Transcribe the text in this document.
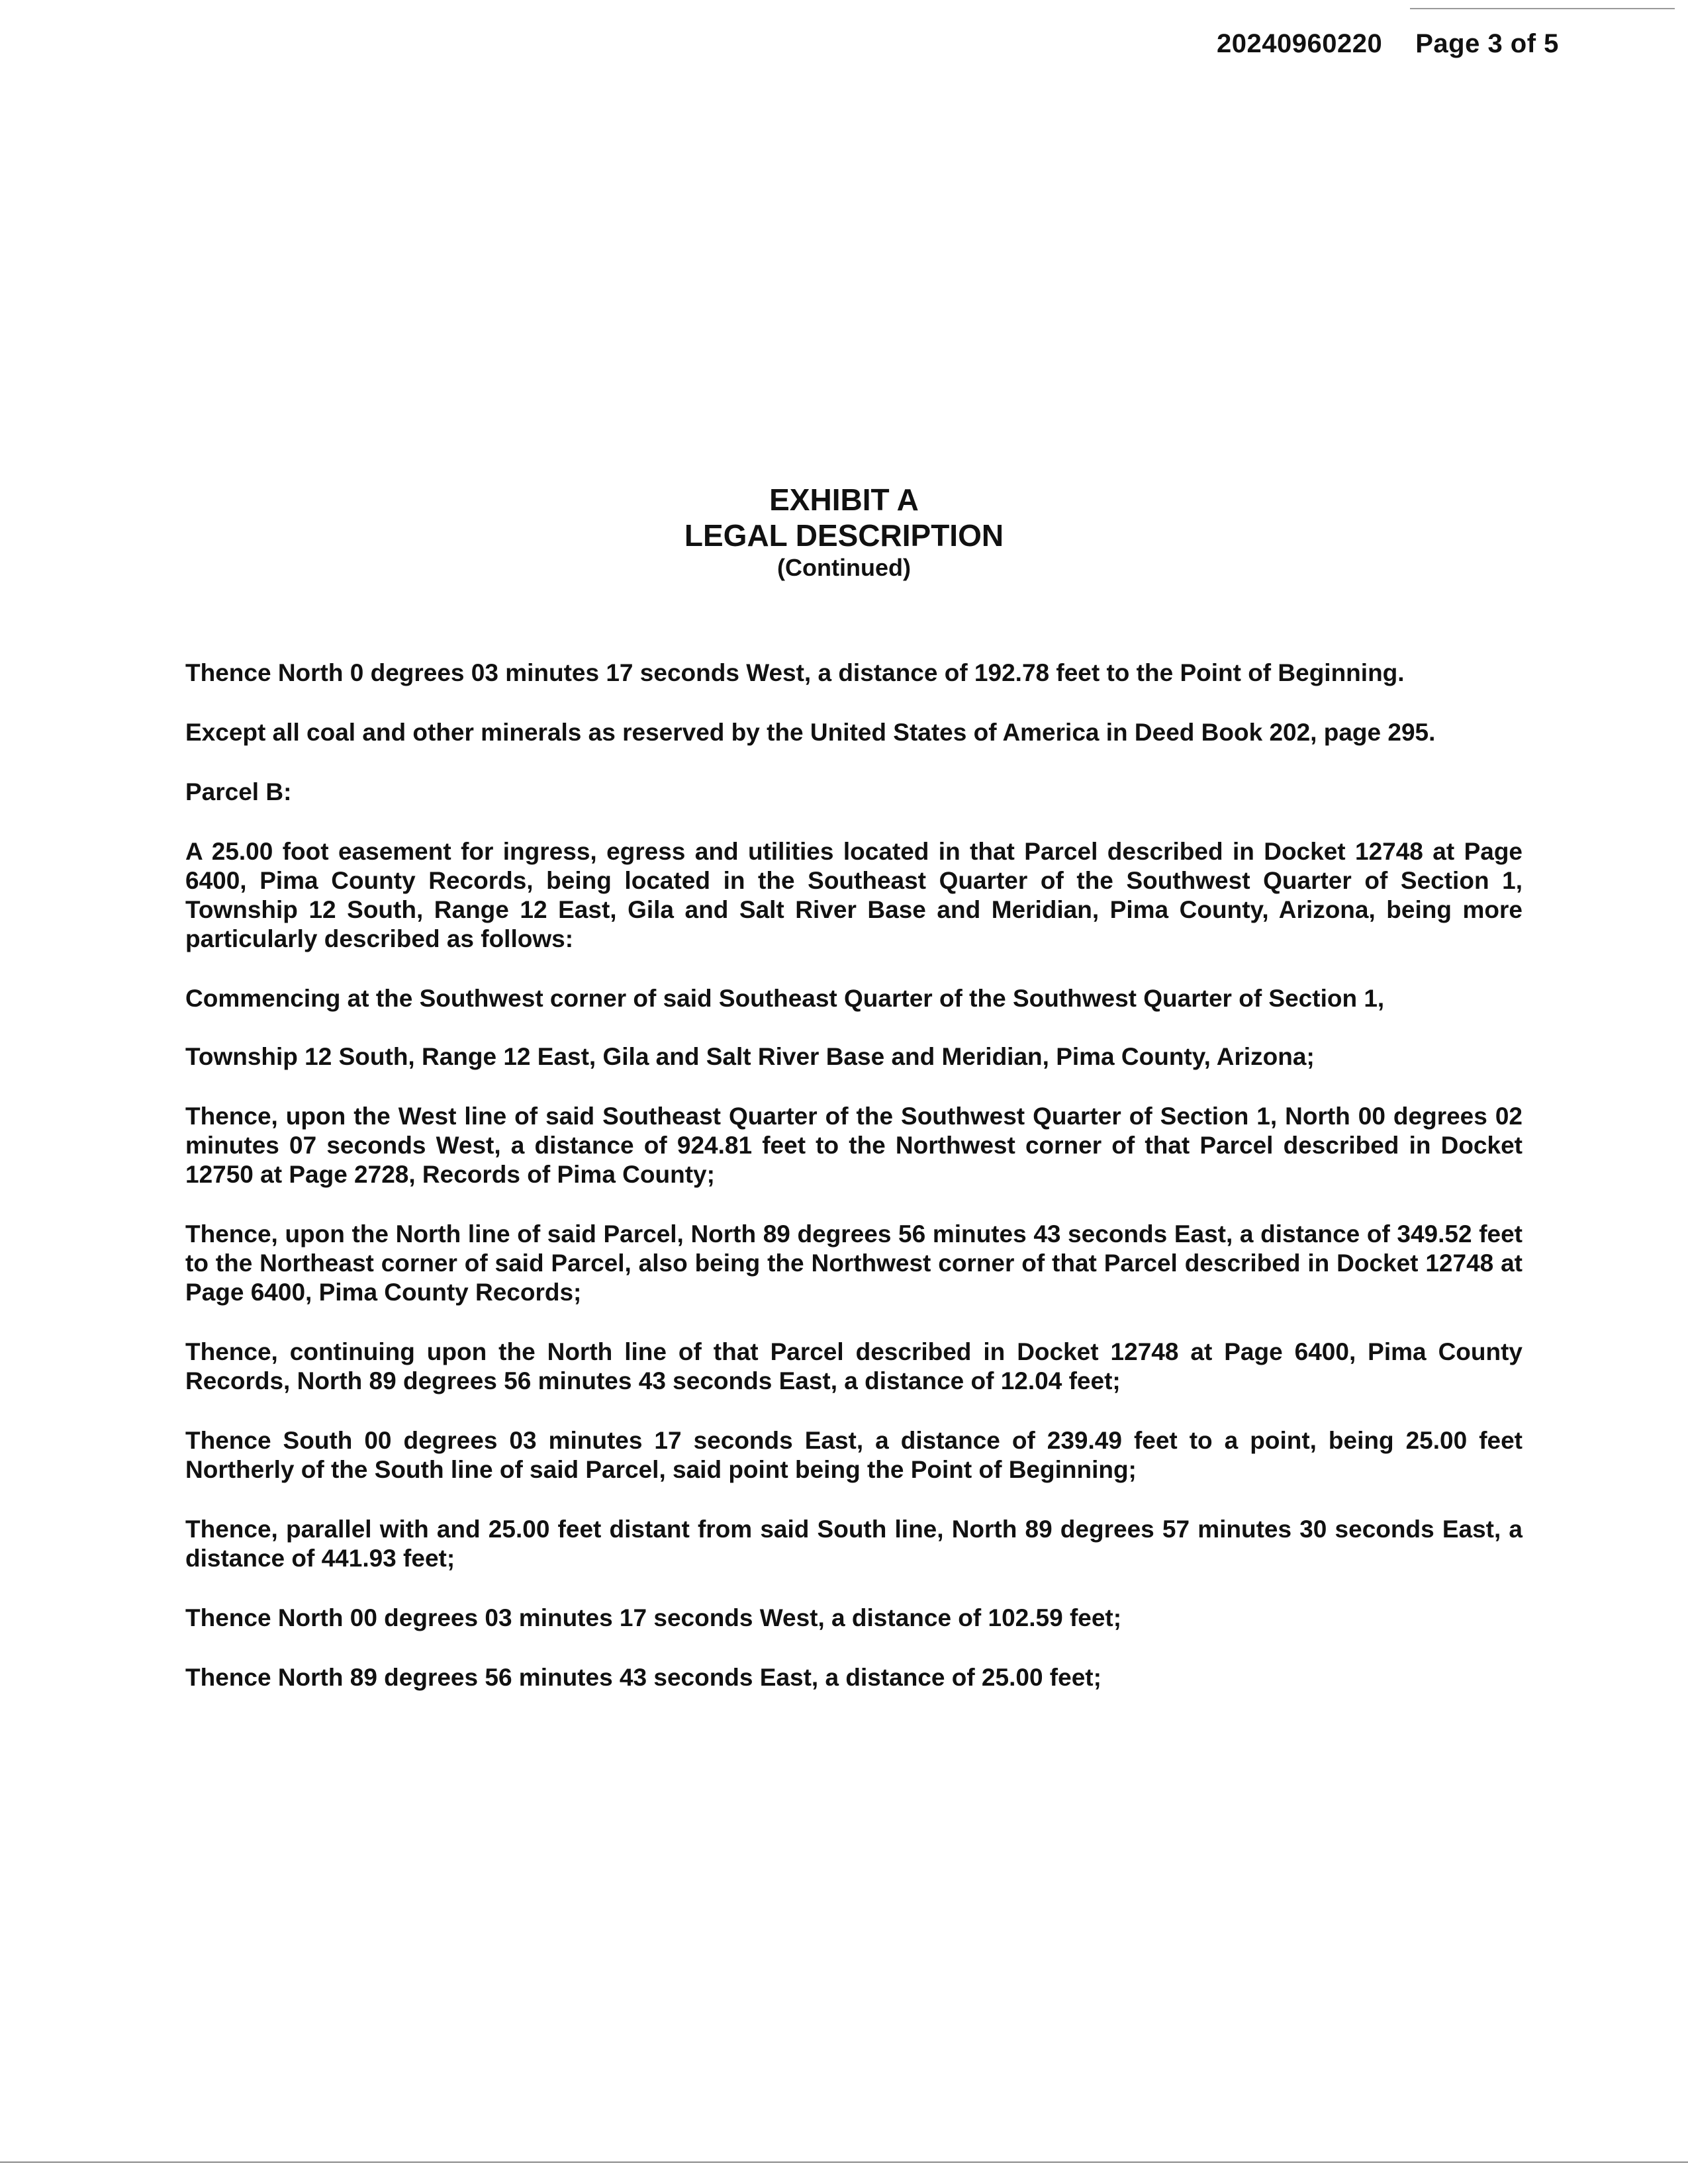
20240960220 Page 3 of 5
EXHIBIT A
LEGAL DESCRIPTION
(Continued)

Thence North 0 degrees 03 minutes 17 seconds West, a distance of 192.78 feet to the Point of Beginning.

Except all coal and other minerals as reserved by the United States of America in Deed Book 202, page 295.

Parcel B:

A 25.00 foot easement for ingress, egress and utilities located in that Parcel described in Docket 12748 at Page 6400, Pima County Records, being located in the Southeast Quarter of the Southwest Quarter of Section 1, Township 12 South, Range 12 East, Gila and Salt River Base and Meridian, Pima County, Arizona, being more particularly described as follows:

Commencing at the Southwest corner of said Southeast Quarter of the Southwest Quarter of Section 1,

Township 12 South, Range 12 East, Gila and Salt River Base and Meridian, Pima County, Arizona;

Thence, upon the West line of said Southeast Quarter of the Southwest Quarter of Section 1, North 00 degrees 02 minutes 07 seconds West, a distance of 924.81 feet to the Northwest corner of that Parcel described in Docket 12750 at Page 2728, Records of Pima County;

Thence, upon the North line of said Parcel, North 89 degrees 56 minutes 43 seconds East, a distance of 349.52 feet to the Northeast corner of said Parcel, also being the Northwest corner of that Parcel described in Docket 12748 at Page 6400, Pima County Records;

Thence, continuing upon the North line of that Parcel described in Docket 12748 at Page 6400, Pima County Records, North 89 degrees 56 minutes 43 seconds East, a distance of 12.04 feet;

Thence South 00 degrees 03 minutes 17 seconds East, a distance of 239.49 feet to a point, being 25.00 feet Northerly of the South line of said Parcel, said point being the Point of Beginning;

Thence, parallel with and 25.00 feet distant from said South line, North 89 degrees 57 minutes 30 seconds East, a distance of 441.93 feet;

Thence North 00 degrees 03 minutes 17 seconds West, a distance of 102.59 feet;

Thence North 89 degrees 56 minutes 43 seconds East, a distance of 25.00 feet;
